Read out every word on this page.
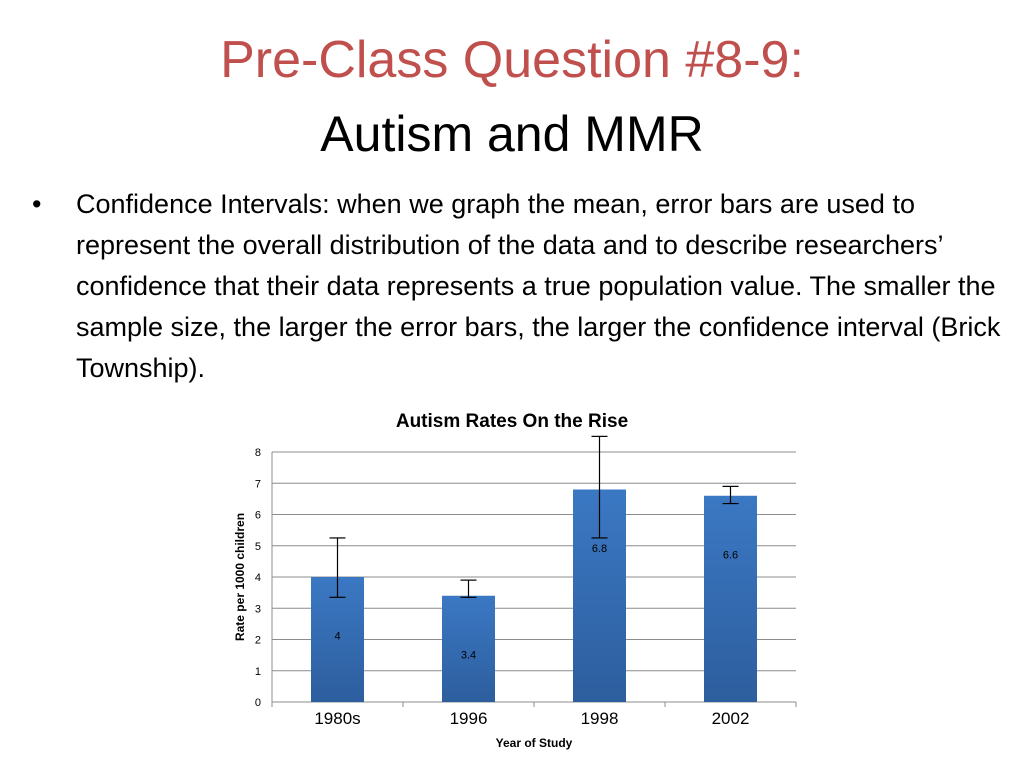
Pre-Class Question #8-9:
Autism and MMR
• Confidence Intervals: when we graph the mean, error bars are used to represent the overall distribution of the data and to describe researchers’ confidence that their data represents a true population value. The smaller the sample size, the larger the error bars, the larger the confidence interval (Brick Township).
Autism Rates On the Rise
0
1
2
3
4
5
6
7
8
4
1980s
3.4
1996
6.8
1998
6.6
2002
Year of Study
Rate per 1000 children
